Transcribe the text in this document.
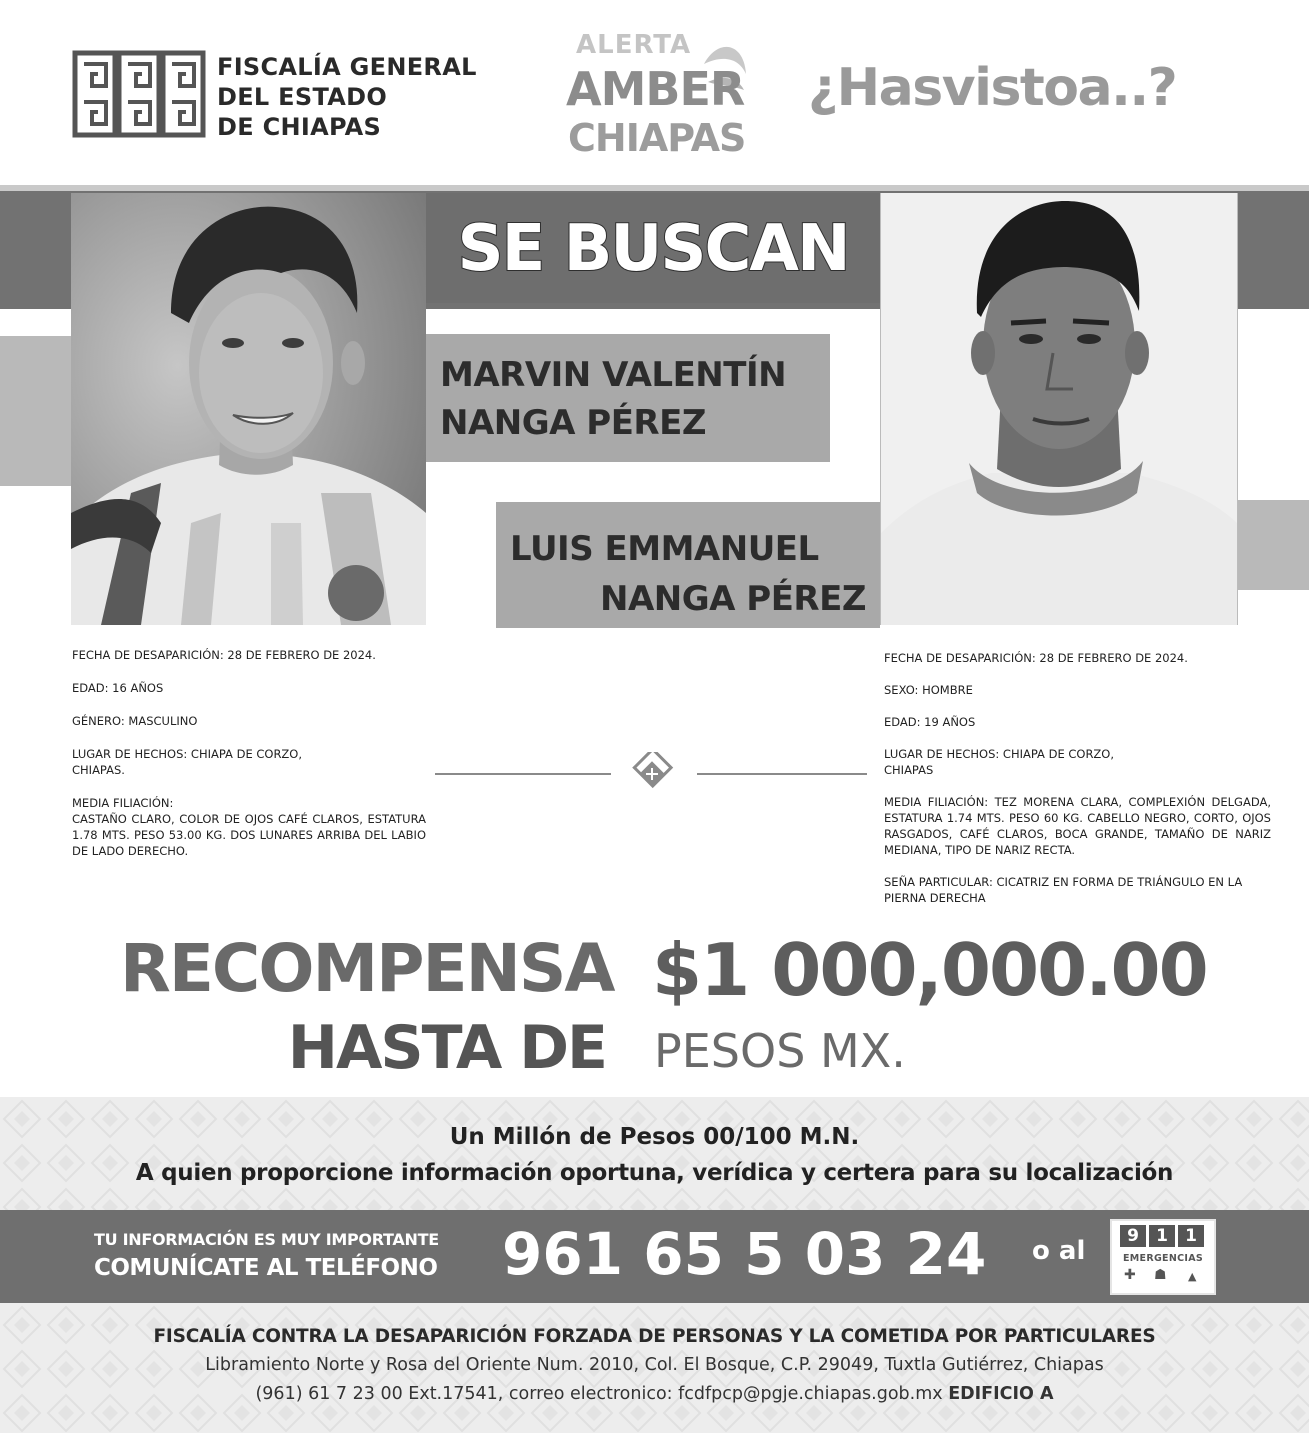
FISCALÍA GENERAL
DEL ESTADO
DE CHIAPAS
ALERTA
AMBER
CHIAPAS
¿Hasvistoa..?
SE BUSCAN
MARVIN VALENTÍN
NANGA PÉREZ
LUIS EMMANUEL
NANGA PÉREZ

FECHA DE DESAPARICIÓN: 28 DE FEBRERO DE 2024.

EDAD: 16 AÑOS

GÉNERO: MASCULINO

LUGAR DE HECHOS: CHIAPA DE CORZO,

CHIAPAS.

MEDIA FILIACIÓN:

CASTAÑO CLARO, COLOR DE OJOS CAFÉ CLAROS, ESTATURA 1.78 MTS. PESO 53.00 KG. DOS LUNARES ARRIBA DEL LABIO DE LADO DERECHO.

FECHA DE DESAPARICIÓN: 28 DE FEBRERO DE 2024.

SEXO: HOMBRE

EDAD: 19 AÑOS

LUGAR DE HECHOS: CHIAPA DE CORZO,

CHIAPAS

MEDIA FILIACIÓN: TEZ MORENA CLARA, COMPLEXIÓN DELGADA, ESTATURA 1.74 MTS. PESO 60 KG. CABELLO NEGRO, CORTO, OJOS RASGADOS, CAFÉ CLAROS, BOCA GRANDE, TAMAÑO DE NARIZ MEDIANA, TIPO DE NARIZ RECTA.

SEÑA PARTICULAR: CICATRIZ EN FORMA DE TRIÁNGULO EN LA PIERNA DERECHA

RECOMPENSA
HASTA DE
$1 000,000.00
PESOS MX.
Un Millón de Pesos 00/100 M.N.
A quien proporcione información oportuna, verídica y certera para su localización
TU INFORMACIÓN ES MUY IMPORTANTE
COMUNÍCATE AL TELÉFONO 961 65 5 03 24 o al	9	1	1
EMERGENCIAS
✚ ☗ ▲
FISCALÍA CONTRA LA DESAPARICIÓN FORZADA DE PERSONAS Y LA COMETIDA POR PARTICULARES
Libramiento Norte y Rosa del Oriente Num. 2010, Col. El Bosque, C.P. 29049, Tuxtla Gutiérrez, Chiapas
(961) 61 7 23 00 Ext.17541, correo electronico: fcdfpcp@pgje.chiapas.gob.mx EDIFICIO A
